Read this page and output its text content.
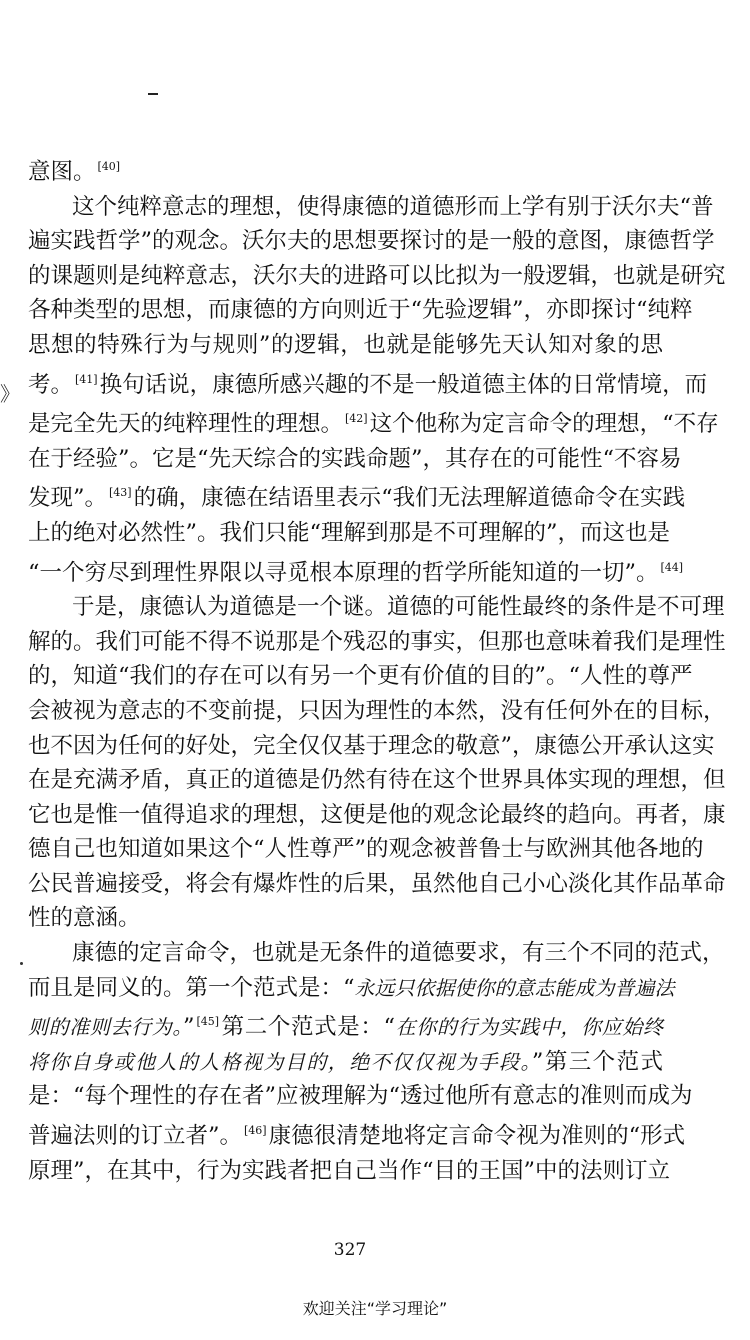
》
意图。 [40]
这个纯粹意志的理想，使得康德的道德形而上学有别于沃尔夫“普
遍实践哲学”的观念。沃尔夫的思想要探讨的是一般的意图，康德哲学
的课题则是纯粹意志，沃尔夫的进路可以比拟为一般逻辑，也就是研究
各种类型的思想，而康德的方向则近于“先验逻辑”，亦即探讨“纯粹
思想的特殊行为与规则”的逻辑，也就是能够先天认知对象的思
考。 [41]换句话说，康德所感兴趣的不是一般道德主体的日常情境，而
是完全先天的纯粹理性的理想。 [42]这个他称为定言命令的理想，“不存
在于经验”。它是“先天综合的实践命题”，其存在的可能性“不容易
发现”。 [43]的确，康德在结语里表示“我们无法理解道德命令在实践
上的绝对必然性”。我们只能“理解到那是不可理解的”，而这也是
“一个穷尽到理性界限以寻觅根本原理的哲学所能知道的一切”。 [44]
于是，康德认为道德是一个谜。道德的可能性最终的条件是不可理
解的。我们可能不得不说那是个残忍的事实，但那也意味着我们是理性
的，知道“我们的存在可以有另一个更有价值的目的”。“人性的尊严
会被视为意志的不变前提，只因为理性的本然，没有任何外在的目标，
也不因为任何的好处，完全仅仅基于理念的敬意”，康德公开承认这实
在是充满矛盾，真正的道德是仍然有待在这个世界具体实现的理想，但
它也是惟一值得追求的理想，这便是他的观念论最终的趋向。再者，康
德自己也知道如果这个“人性尊严”的观念被普鲁士与欧洲其他各地的
公民普遍接受，将会有爆炸性的后果，虽然他自己小心淡化其作品革命
性的意涵。
康德的定言命令，也就是无条件的道德要求，有三个不同的范式，
而且是同义的。第一个范式是：“永远只依据使你的意志能成为普遍法
则的准则去行为。” [45]第二个范式是：“在你的行为实践中，你应始终
将你自身或他人的人格视为目的，绝不仅仅视为手段。”第三个范式
是：“每个理性的存在者”应被理解为“透过他所有意志的准则而成为
普遍法则的订立者”。 [46]康德很清楚地将定言命令视为准则的“形式
原理”，在其中，行为实践者把自己当作“目的王国”中的法则订立
327
欢迎关注“学习理论”
